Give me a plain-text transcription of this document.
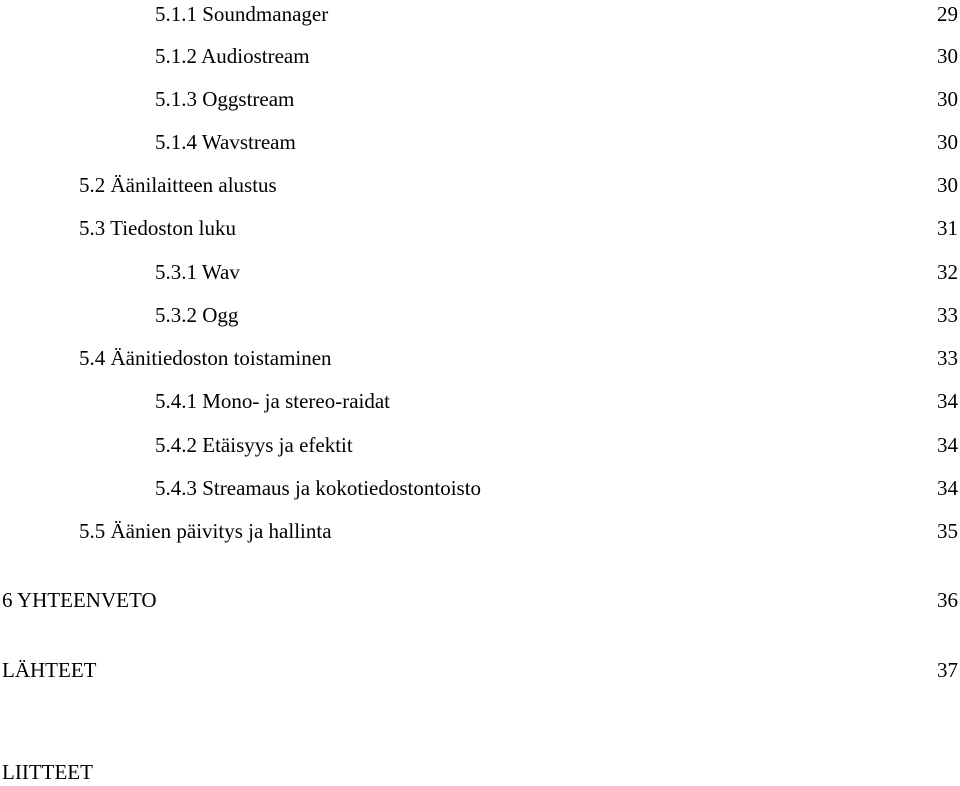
5.1.1 Soundmanager	29
5.1.2 Audiostream	30
5.1.3 Oggstream	30
5.1.4 Wavstream	30
5.2 Äänilaitteen alustus	30
5.3 Tiedoston luku	31
5.3.1 Wav	32
5.3.2 Ogg	33
5.4 Äänitiedoston toistaminen	33
5.4.1 Mono- ja stereo-raidat	34
5.4.2 Etäisyys ja efektit	34
5.4.3 Streamaus ja kokotiedostontoisto	34
5.5 Äänien päivitys ja hallinta	35
6 YHTEENVETO	36
LÄHTEET	37
LIITTEET
